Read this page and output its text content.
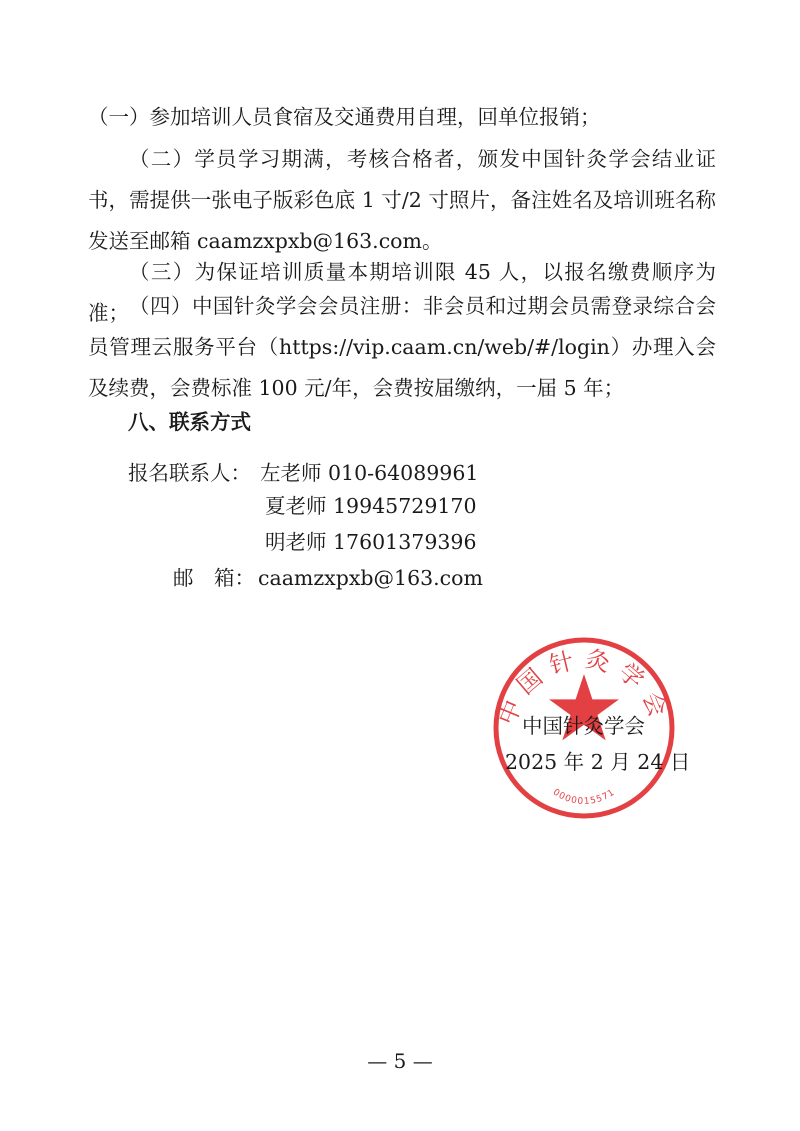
（一）参加培训人员食宿及交通费用自理，回单位报销；

（二）学员学习期满，考核合格者，颁发中国针灸学会结业证书，需提供一张电子版彩色底 1 寸/2 寸照片，备注姓名及培训班名称发送至邮箱 caamzxpxb@163.com。

（三）为保证培训质量本期培训限 45 人，以报名缴费顺序为准； （四）中国针灸学会会员注册：非会员和过期会员需登录综合会员管理云服务平台（https://vip.caam.cn/web/#/login）办理入会及续费，会费标准 100 元/年，会费按届缴纳，一届 5 年；

八、联系方式
报名联系人： 左老师 010-64089961
夏老师 19945729170
明老师 17601379396
邮　箱： caamzxpxb@163.com
中国针灸学会
0000015571
中国针灸学会
2025 年 2 月 24 日
— 5 —
